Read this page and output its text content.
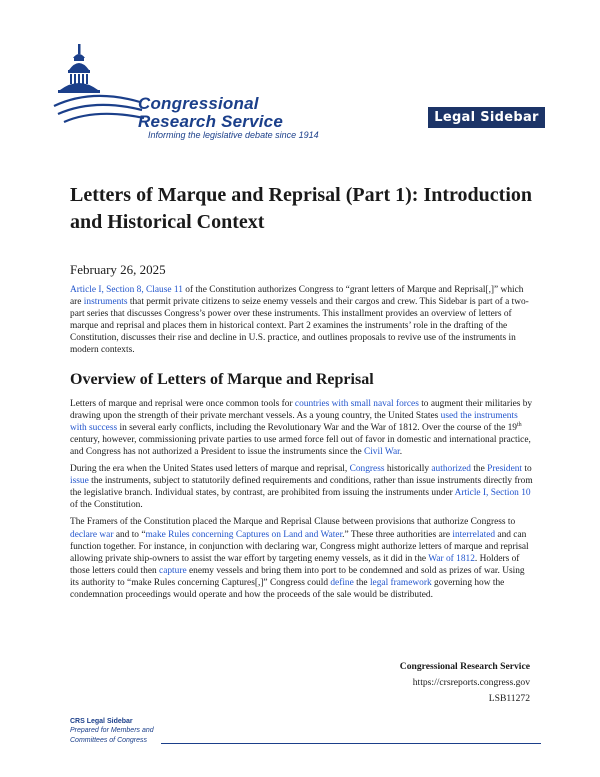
Congressional
Research Service
Informing the legislative debate since 1914
Legal Sidebar
Letters of Marque and Reprisal (Part 1): Introduction and Historical Context

February 26, 2025

Article I, Section 8, Clause 11 of the Constitution authorizes Congress to “grant letters of Marque and Reprisal[,]” which are instruments that permit private citizens to seize enemy vessels and their cargos and crew. This Sidebar is part of a two-part series that discusses Congress’s power over these instruments. This installment provides an overview of letters of marque and reprisal and places them in historical context. Part 2 examines the instruments’ role in the drafting of the Constitution, discusses their rise and decline in U.S. practice, and outlines proposals to revive use of the instruments in modern contexts.

Overview of Letters of Marque and Reprisal

Letters of marque and reprisal were once common tools for countries with small naval forces to augment their militaries by drawing upon the strength of their private merchant vessels. As a young country, the United States used the instruments with success in several early conflicts, including the Revolutionary War and the War of 1812. Over the course of the 19th century, however, commissioning private parties to use armed force fell out of favor in domestic and international practice, and Congress has not authorized a President to issue the instruments since the Civil War.

During the era when the United States used letters of marque and reprisal, Congress historically authorized the President to issue the instruments, subject to statutorily defined requirements and conditions, rather than issue instruments directly from the legislative branch. Individual states, by contrast, are prohibited from issuing the instruments under Article I, Section 10 of the Constitution.

The Framers of the Constitution placed the Marque and Reprisal Clause between provisions that authorize Congress to declare war and to “make Rules concerning Captures on Land and Water.” These three authorities are interrelated and can function together. For instance, in conjunction with declaring war, Congress might authorize letters of marque and reprisal allowing private ship-owners to assist the war effort by targeting enemy vessels, as it did in the War of 1812. Holders of those letters could then capture enemy vessels and bring them into port to be condemned and sold as prizes of war. Using its authority to “make Rules concerning Captures[,]” Congress could define the legal framework governing how the condemnation proceedings would operate and how the proceeds of the sale would be distributed.

Congressional Research Service
https://crsreports.congress.gov
LSB11272
CRS Legal Sidebar
Prepared for Members and
Committees of Congress
